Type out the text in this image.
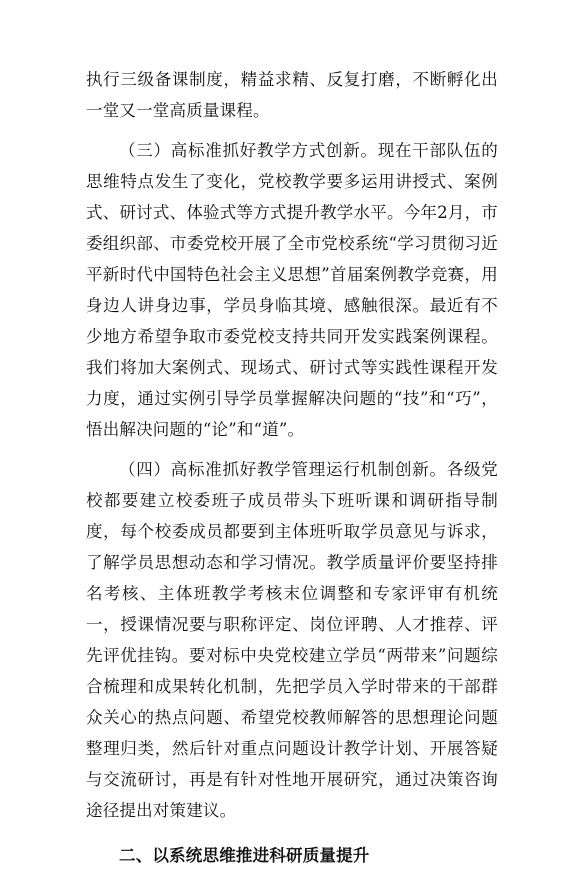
执行三级备课制度，精益求精、反复打磨，不断孵化出一堂又一堂高质量课程。

（三）高标准抓好教学方式创新。现在干部队伍的思维特点发生了变化，党校教学要多运用讲授式、案例式、研讨式、体验式等方式提升教学水平。今年2月，市委组织部、市委党校开展了全市党校系统“学习贯彻习近平新时代中国特色社会主义思想”首届案例教学竞赛，用身边人讲身边事，学员身临其境、感触很深。最近有不少地方希望争取市委党校支持共同开发实践案例课程。我们将加大案例式、现场式、研讨式等实践性课程开发力度，通过实例引导学员掌握解决问题的“技”和“巧”，悟出解决问题的“论”和“道”。

（四）高标准抓好教学管理运行机制创新。各级党校都要建立校委班子成员带头下班听课和调研指导制度，每个校委成员都要到主体班听取学员意见与诉求，了解学员思想动态和学习情况。教学质量评价要坚持排名考核、主体班教学考核末位调整和专家评审有机统一，授课情况要与职称评定、岗位评聘、人才推荐、评先评优挂钩。要对标中央党校建立学员“两带来”问题综合梳理和成果转化机制，先把学员入学时带来的干部群众关心的热点问题、希望党校教师解答的思想理论问题整理归类，然后针对重点问题设计教学计划、开展答疑与交流研讨，再是有针对性地开展研究，通过决策咨询途径提出对策建议。

二、以系统思维推进科研质量提升
